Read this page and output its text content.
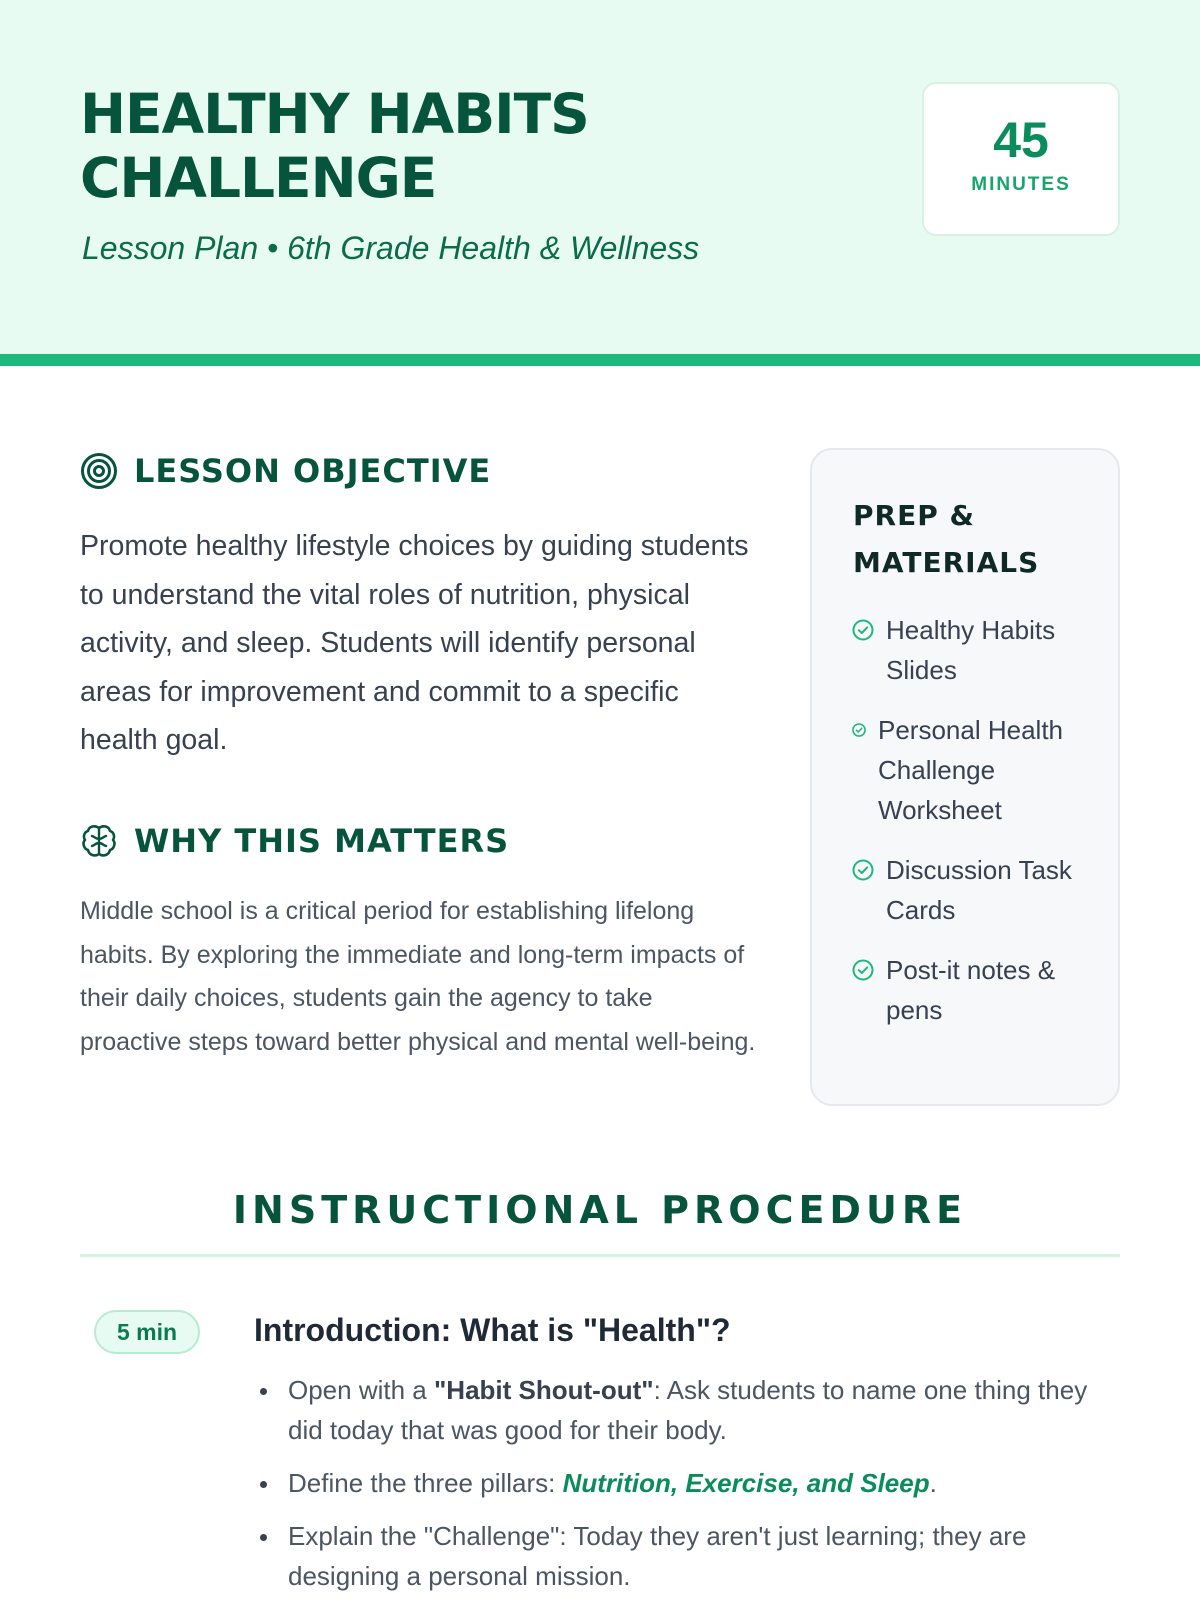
HEALTHY HABITS CHALLENGE
Lesson Plan • 6th Grade Health & Wellness
45
MINUTES
LESSON OBJECTIVE

Promote healthy lifestyle choices by guiding students to understand the vital roles of nutrition, physical activity, and sleep. Students will identify personal areas for improvement and commit to a specific health goal.

WHY THIS MATTERS

Middle school is a critical period for establishing lifelong habits. By exploring the immediate and long-term impacts of their daily choices, students gain the agency to take proactive steps toward better physical and mental well-being.

PREP & MATERIALS
Healthy Habits Slides
Personal Health Challenge Worksheet
Discussion Task Cards
Post-it notes & pens
INSTRUCTIONAL PROCEDURE
5 min	Introduction: What is "Health"?
Open with a "Habit Shout-out": Ask students to name one thing they did today that was good for their body.
Define the three pillars: Nutrition, Exercise, and Sleep.
Explain the "Challenge": Today they aren't just learning; they are designing a personal mission.
